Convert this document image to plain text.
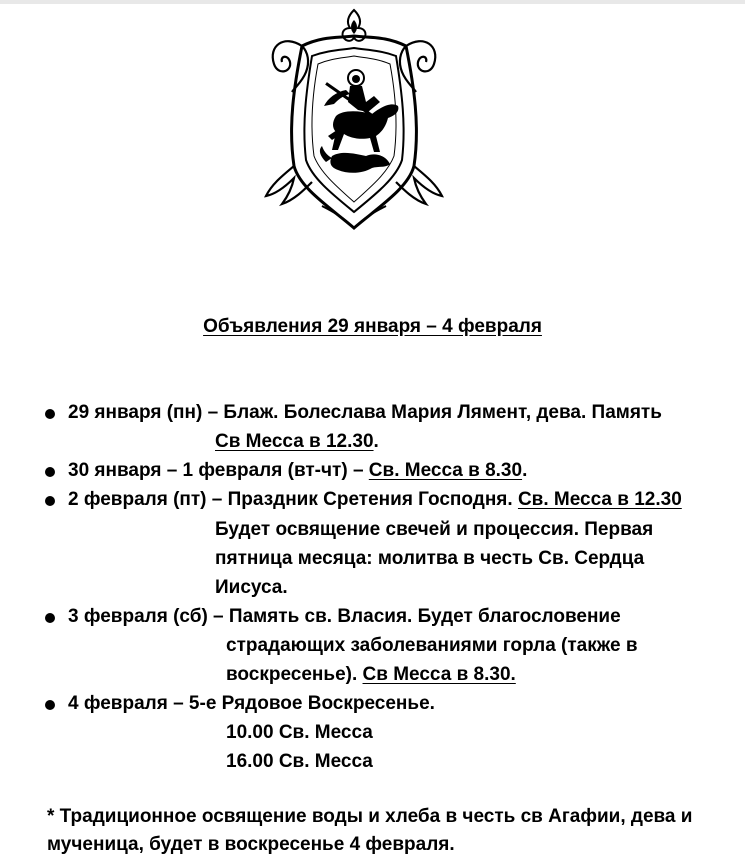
Объявления 29 января – 4 февраля
29 января (пн) – Блаж. Болеслава Мария Лямент, дева. Память
Св Месса в 12.30.
30 января – 1 февраля (вт-чт) – Св. Месса в 8.30.
2 февраля (пт) – Праздник Сретения Господня. Св. Месса в 12.30
Будет освящение свечей и процессия. Первая
пятница месяца: молитва в честь Св. Сердца
Иисуса.
3 февраля (сб) – Память св. Власия. Будет благословение
страдающих заболеваниями горла (также в
воскресенье). Св Месса в 8.30.
4 февраля – 5-е Рядовое Воскресенье.
10.00 Св. Месса
16.00 Св. Месса
* Традиционное освящение воды и хлеба в честь св Агафии, дева и мученица, будет в воскресенье 4 февраля.
